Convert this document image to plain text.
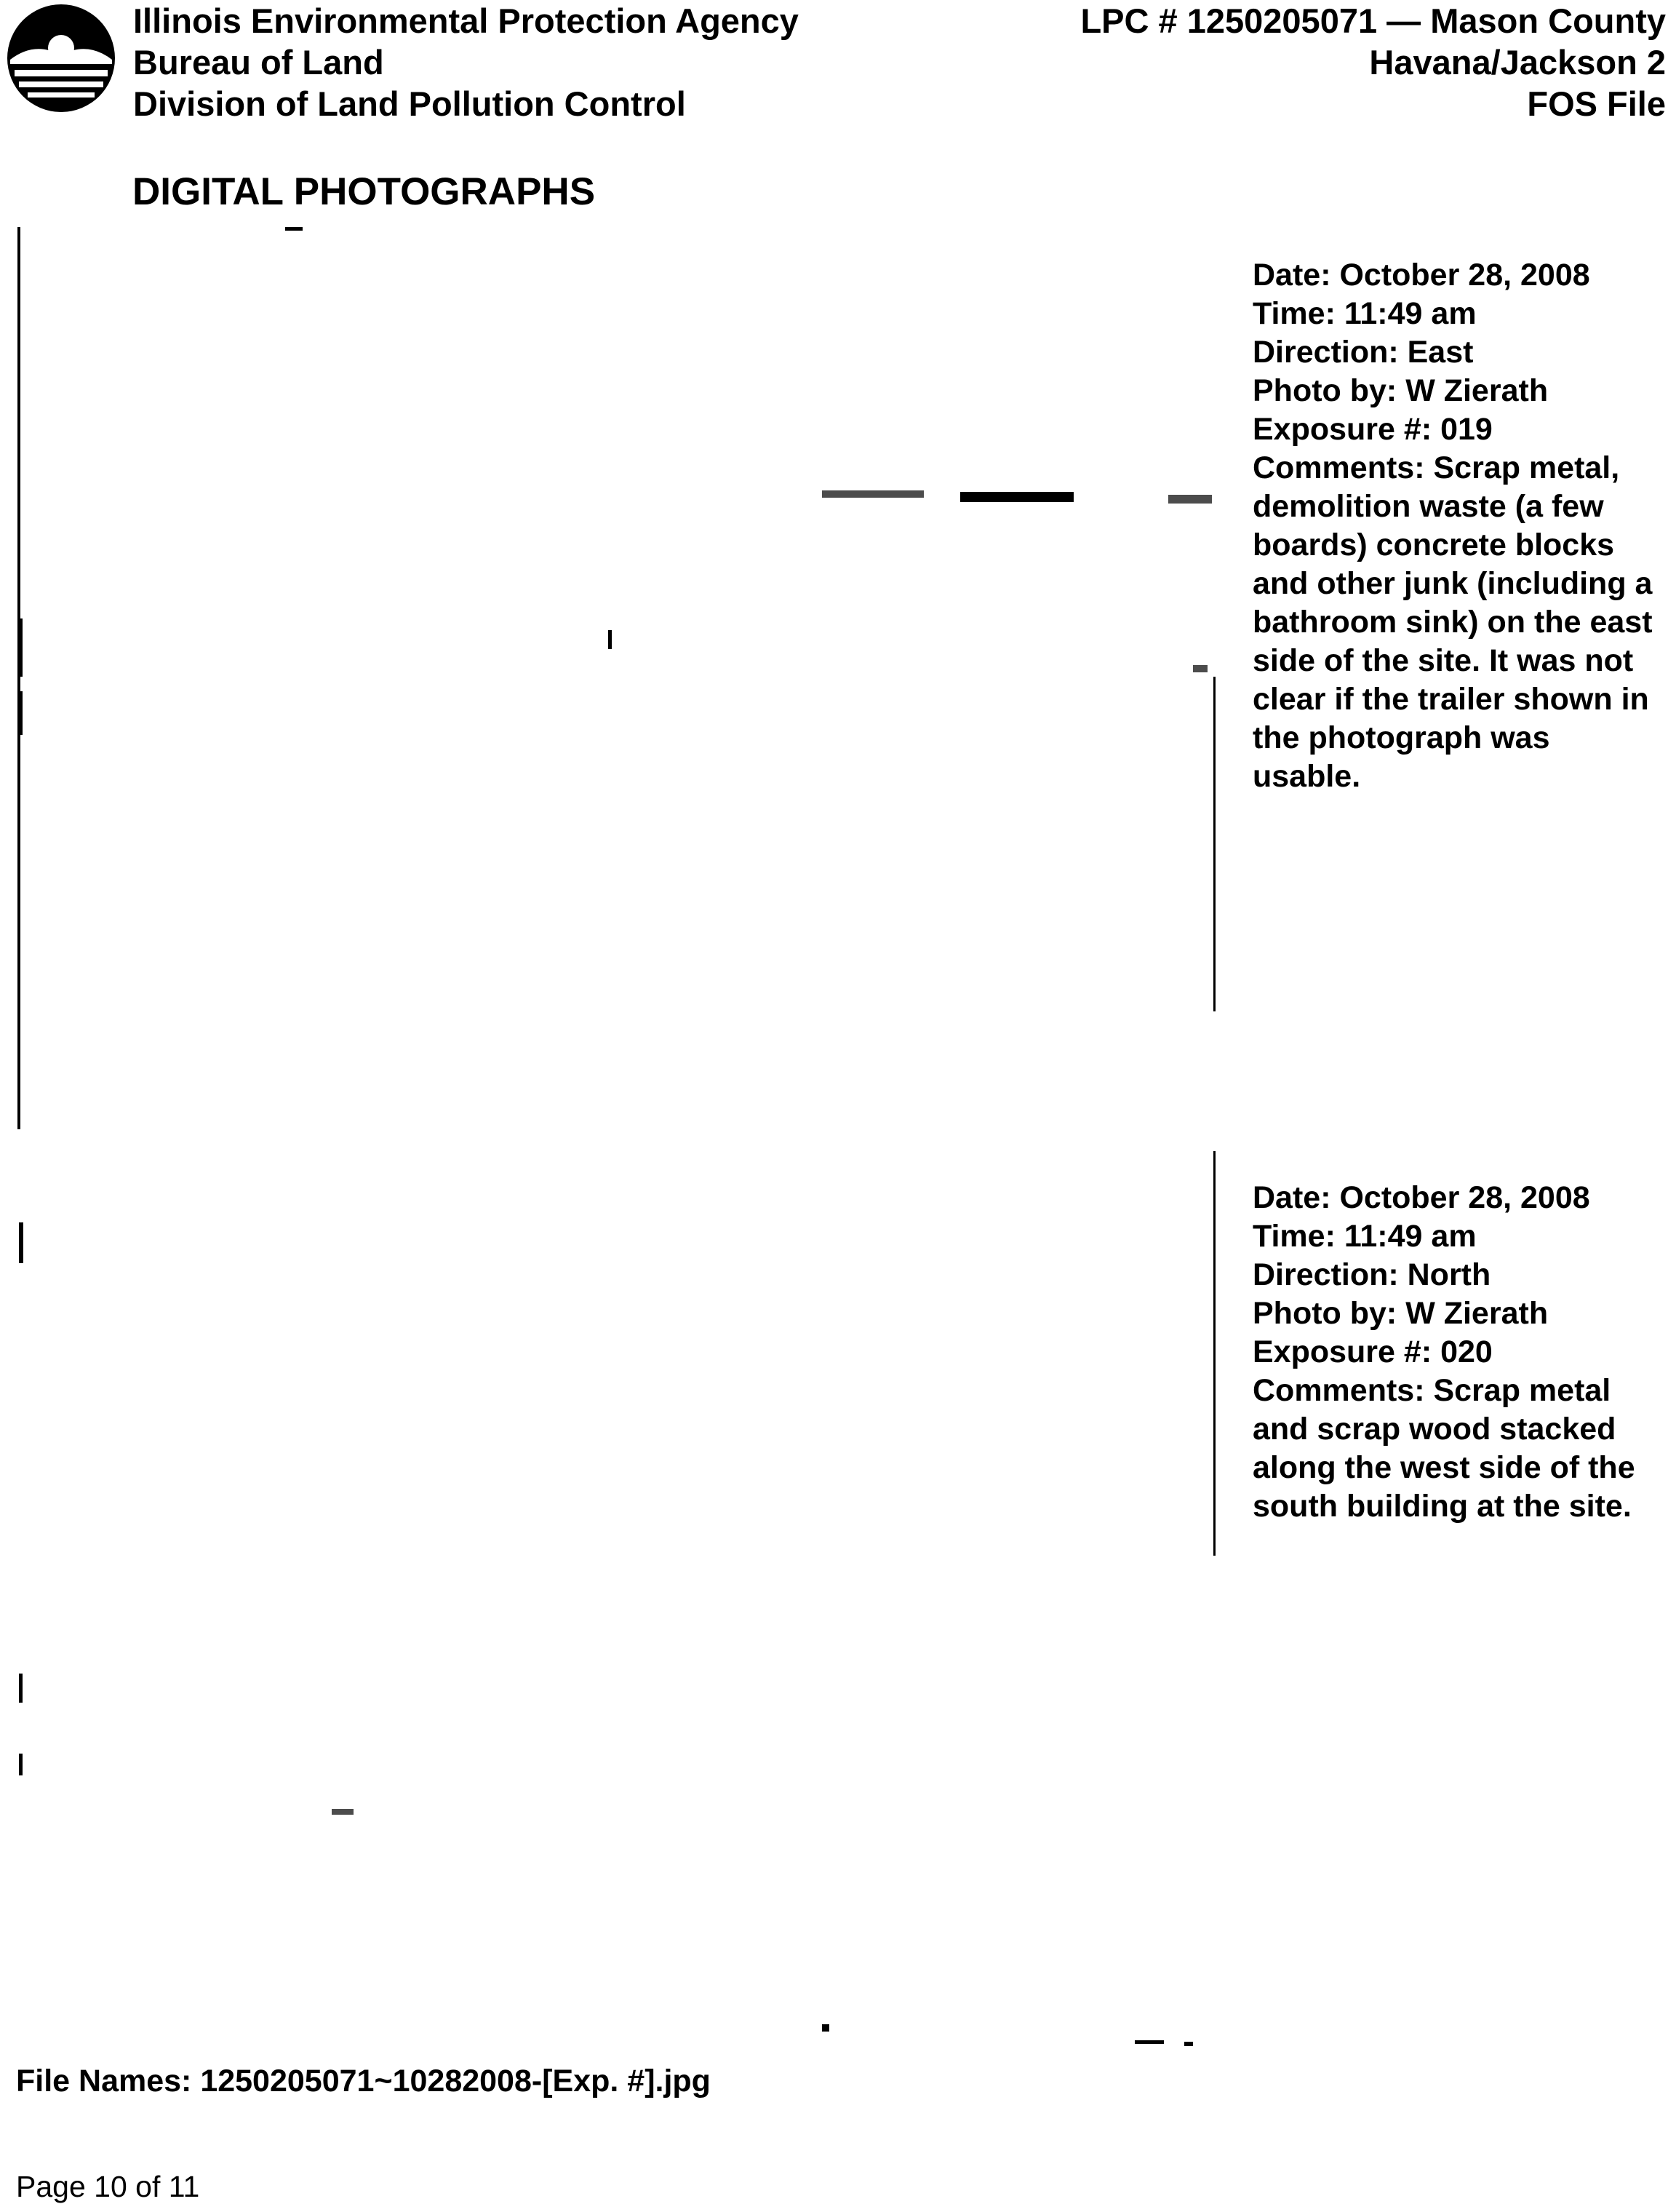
Illinois Environmental Protection Agency
Bureau of Land
Division of Land Pollution Control
LPC # 1250205071 — Mason County
Havana/Jackson 2
FOS File
DIGITAL PHOTOGRAPHS
Date: October 28, 2008
Time: 11:49 am
Direction: East
Photo by: W Zierath
Exposure #: 019
Comments: Scrap metal, demolition waste (a few boards) concrete blocks and other junk (including a bathroom sink) on the east side of the site. It was not clear if the trailer shown in the photograph was usable.
Date: October 28, 2008
Time: 11:49 am
Direction: North
Photo by: W Zierath
Exposure #: 020
Comments: Scrap metal and scrap wood stacked along the west side of the south building at the site.
File Names: 1250205071~10282008-[Exp. #].jpg
Page 10 of 11
